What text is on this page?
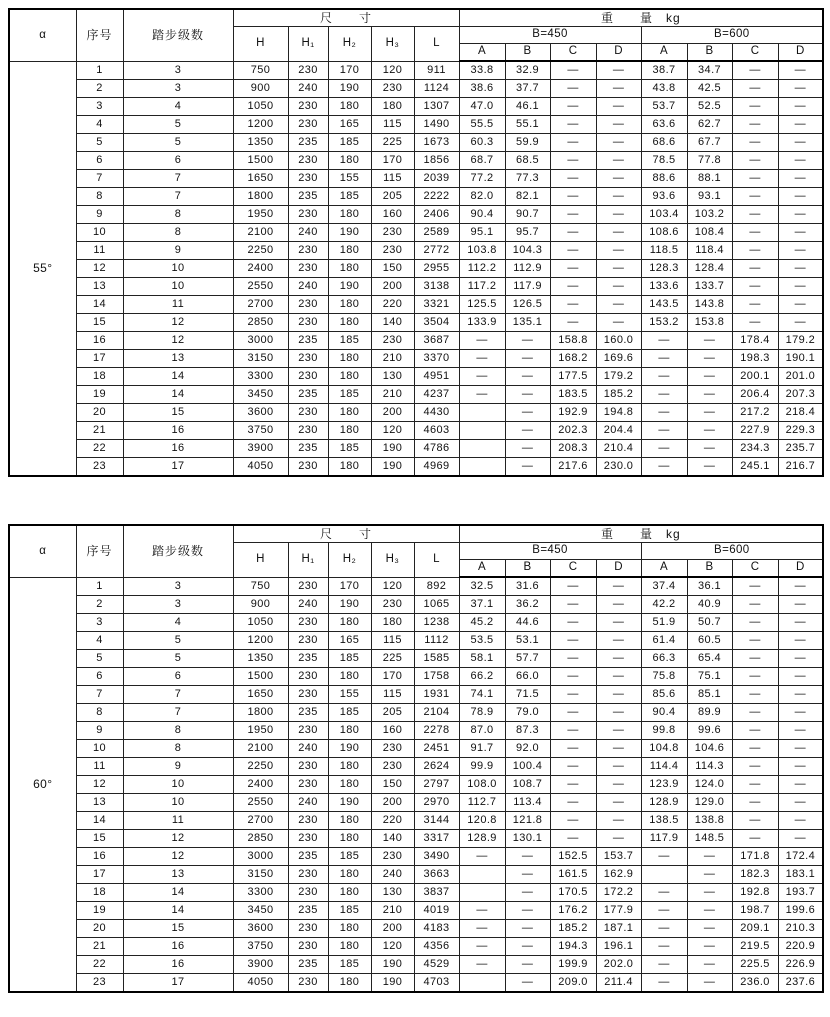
α	序号	踏步级数	尺　　寸					重　　量　kg							
			H	H₁	H₂	H₃	L	B=450				B=600			
								A	B	C	D	A	B	C	D
55°	1	3	750	230	170	120	911	33.8	32.9	—	—	38.7	34.7	—	—
	2	3	900	240	190	230	1124	38.6	37.7	—	—	43.8	42.5	—	—
	3	4	1050	230	180	180	1307	47.0	46.1	—	—	53.7	52.5	—	—
	4	5	1200	230	165	115	1490	55.5	55.1	—	—	63.6	62.7	—	—
	5	5	1350	235	185	225	1673	60.3	59.9	—	—	68.6	67.7	—	—
	6	6	1500	230	180	170	1856	68.7	68.5	—	—	78.5	77.8	—	—
	7	7	1650	230	155	115	2039	77.2	77.3	—	—	88.6	88.1	—	—
	8	7	1800	235	185	205	2222	82.0	82.1	—	—	93.6	93.1	—	—
	9	8	1950	230	180	160	2406	90.4	90.7	—	—	103.4	103.2	—	—
	10	8	2100	240	190	230	2589	95.1	95.7	—	—	108.6	108.4	—	—
	11	9	2250	230	180	230	2772	103.8	104.3	—	—	118.5	118.4	—	—
	12	10	2400	230	180	150	2955	112.2	112.9	—	—	128.3	128.4	—	—
	13	10	2550	240	190	200	3138	117.2	117.9	—	—	133.6	133.7	—	—
	14	11	2700	230	180	220	3321	125.5	126.5	—	—	143.5	143.8	—	—
	15	12	2850	230	180	140	3504	133.9	135.1	—	—	153.2	153.8	—	—
	16	12	3000	235	185	230	3687	—	—	158.8	160.0	—	—	178.4	179.2
	17	13	3150	230	180	210	3370	—	—	168.2	169.6	—	—	198.3	190.1
	18	14	3300	230	180	130	4951	—	—	177.5	179.2	—	—	200.1	201.0
	19	14	3450	235	185	210	4237	—	—	183.5	185.2	—	—	206.4	207.3
	20	15	3600	230	180	200	4430		—	192.9	194.8	—	—	217.2	218.4
	21	16	3750	230	180	120	4603		—	202.3	204.4	—	—	227.9	229.3
	22	16	3900	235	185	190	4786		—	208.3	210.4	—	—	234.3	235.7
	23	17	4050	230	180	190	4969		—	217.6	230.0	—	—	245.1	216.7
α	序号	踏步级数	尺　　寸					重　　量　kg							
			H	H₁	H₂	H₃	L	B=450				B=600			
								A	B	C	D	A	B	C	D
60°	1	3	750	230	170	120	892	32.5	31.6	—	—	37.4	36.1	—	—
	2	3	900	240	190	230	1065	37.1	36.2	—	—	42.2	40.9	—	—
	3	4	1050	230	180	180	1238	45.2	44.6	—	—	51.9	50.7	—	—
	4	5	1200	230	165	115	1112	53.5	53.1	—	—	61.4	60.5	—	—
	5	5	1350	235	185	225	1585	58.1	57.7	—	—	66.3	65.4	—	—
	6	6	1500	230	180	170	1758	66.2	66.0	—	—	75.8	75.1	—	—
	7	7	1650	230	155	115	1931	74.1	71.5	—	—	85.6	85.1	—	—
	8	7	1800	235	185	205	2104	78.9	79.0	—	—	90.4	89.9	—	—
	9	8	1950	230	180	160	2278	87.0	87.3	—	—	99.8	99.6	—	—
	10	8	2100	240	190	230	2451	91.7	92.0	—	—	104.8	104.6	—	—
	11	9	2250	230	180	230	2624	99.9	100.4	—	—	114.4	114.3	—	—
	12	10	2400	230	180	150	2797	108.0	108.7	—	—	123.9	124.0	—	—
	13	10	2550	240	190	200	2970	112.7	113.4	—	—	128.9	129.0	—	—
	14	11	2700	230	180	220	3144	120.8	121.8	—	—	138.5	138.8	—	—
	15	12	2850	230	180	140	3317	128.9	130.1	—	—	117.9	148.5	—	—
	16	12	3000	235	185	230	3490	—	—	152.5	153.7	—	—	171.8	172.4
	17	13	3150	230	180	240	3663		—	161.5	162.9		—	182.3	183.1
	18	14	3300	230	180	130	3837		—	170.5	172.2	—	—	192.8	193.7
	19	14	3450	235	185	210	4019	—	—	176.2	177.9	—	—	198.7	199.6
	20	15	3600	230	180	200	4183	—	—	185.2	187.1	—	—	209.1	210.3
	21	16	3750	230	180	120	4356	—	—	194.3	196.1	—	—	219.5	220.9
	22	16	3900	235	185	190	4529	—	—	199.9	202.0	—	—	225.5	226.9
	23	17	4050	230	180	190	4703		—	209.0	211.4	—	—	236.0	237.6
